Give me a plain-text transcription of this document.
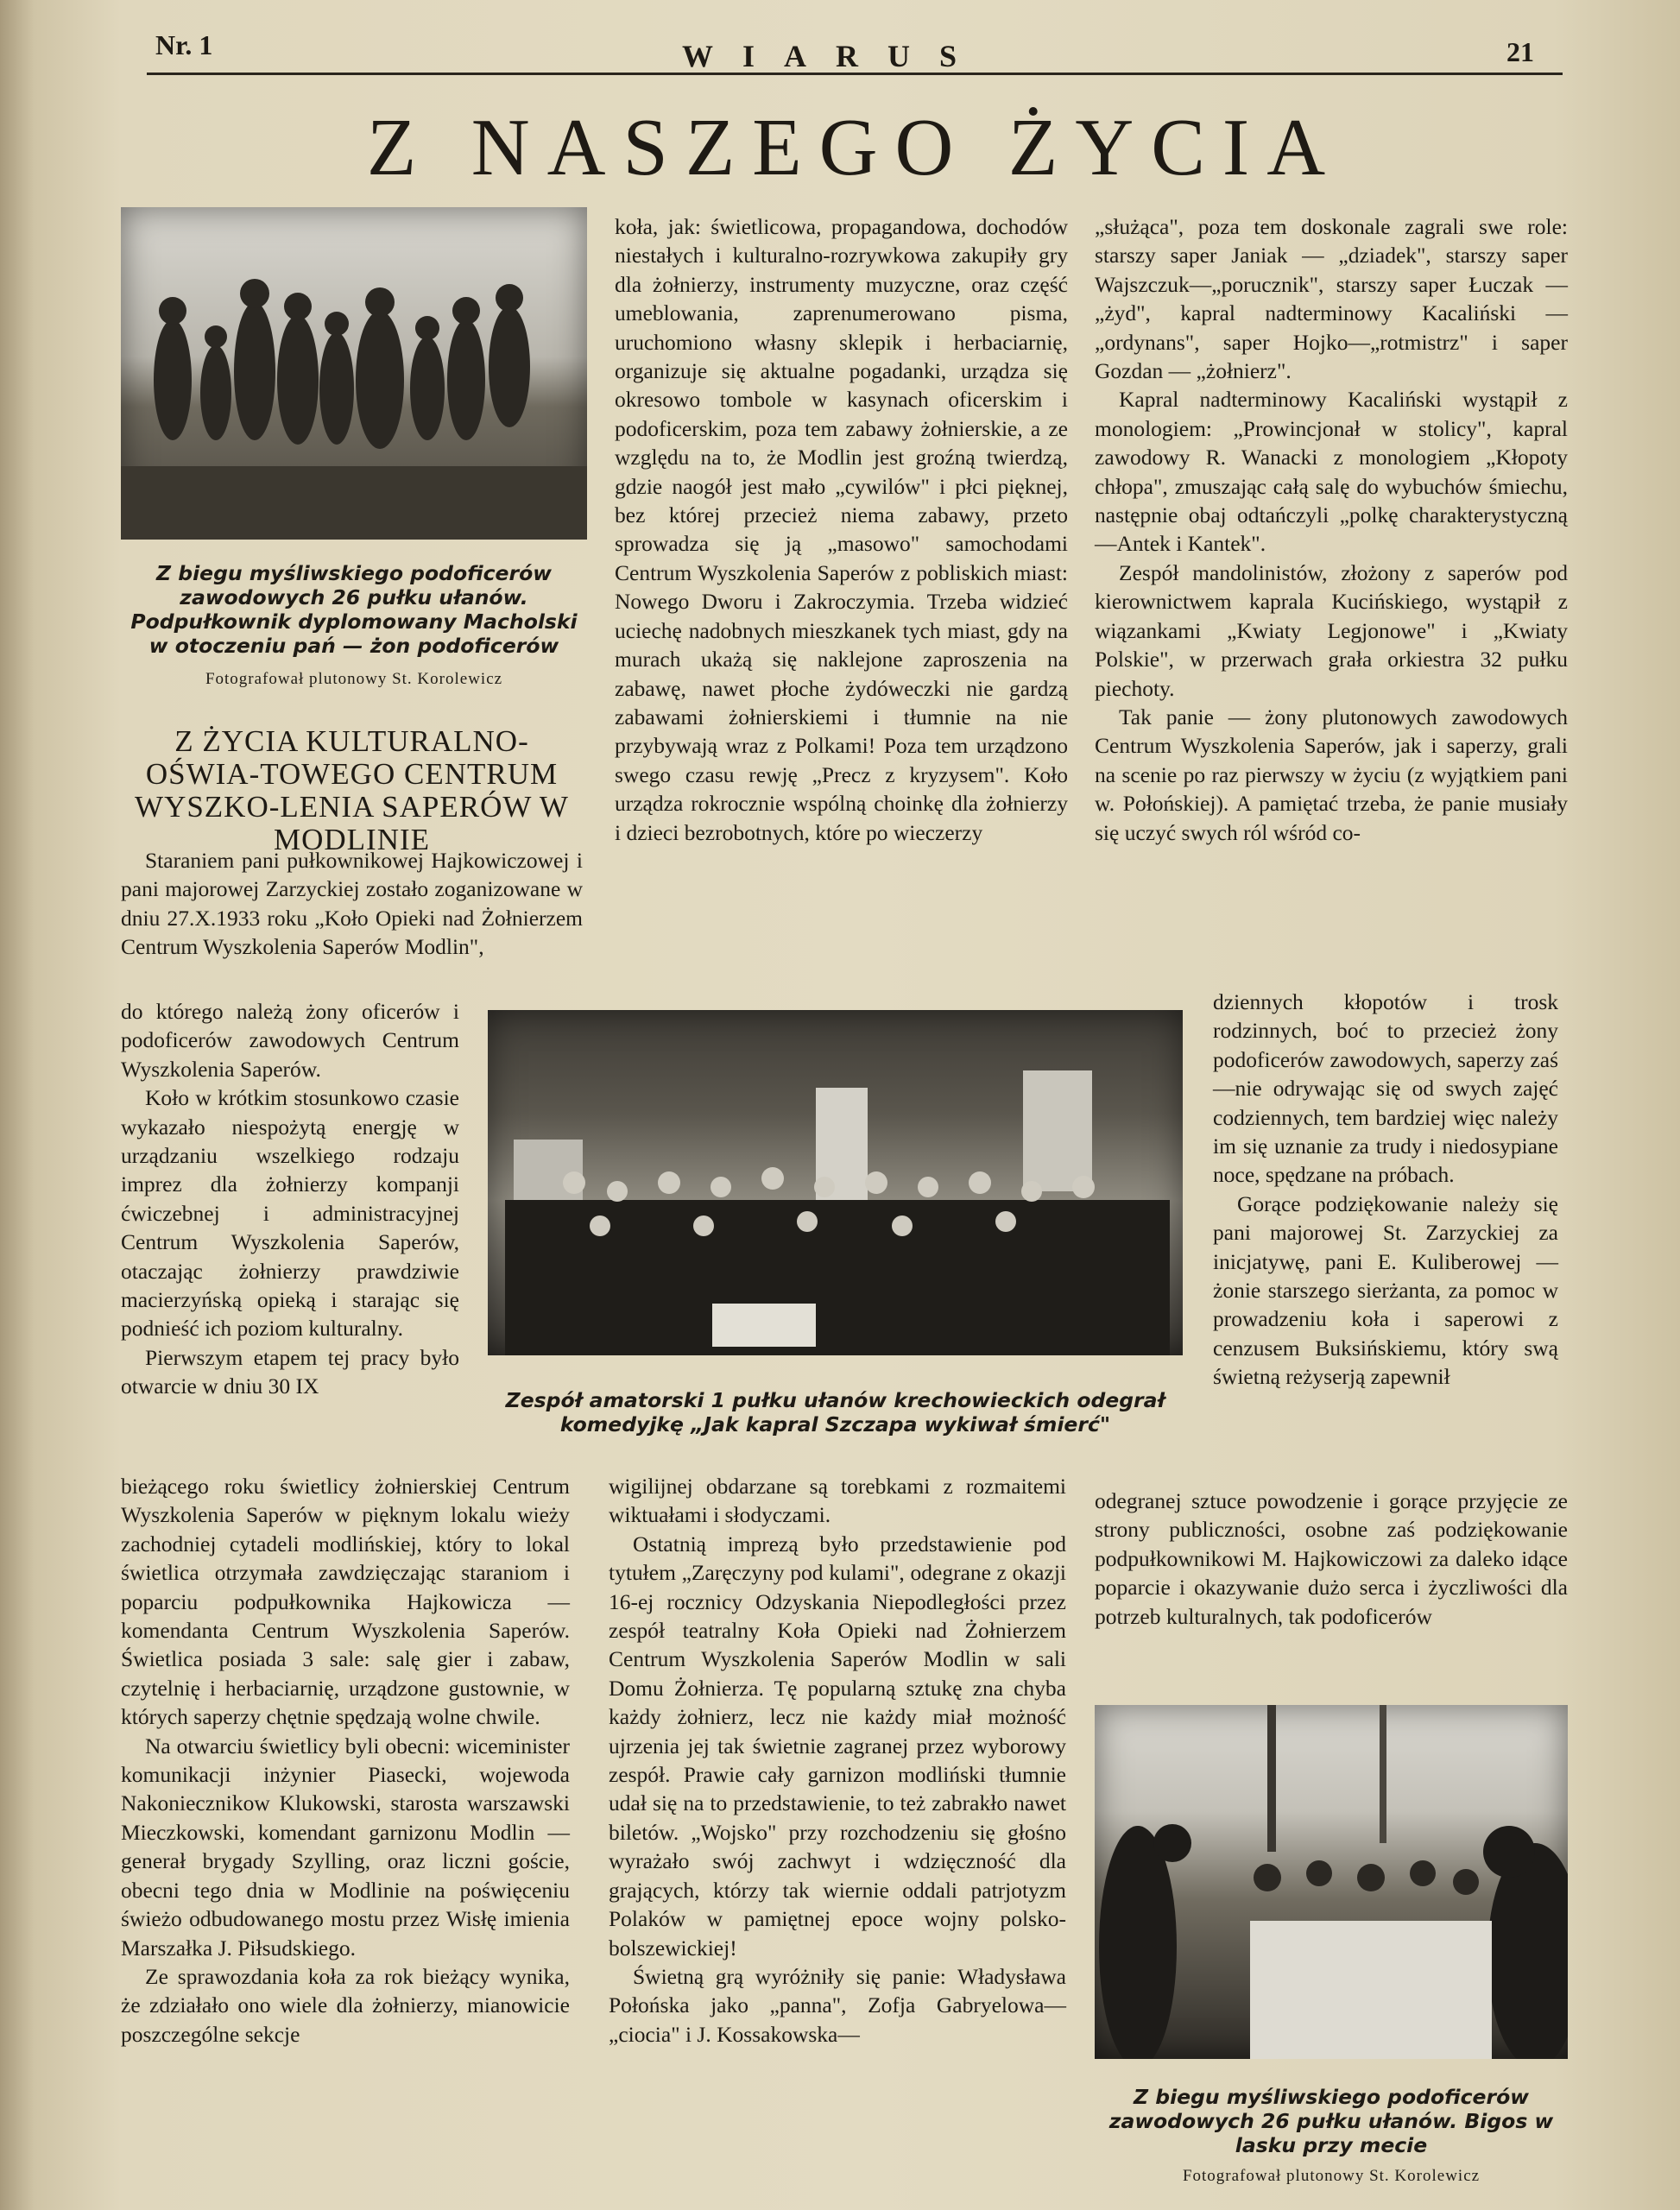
Nr. 1	WIARUS	21
Z NASZEGO ŻYCIA
Z biegu myśliwskiego podoficerów zawodowych 26 pułku ułanów. Podpułkownik dyplomowany Macholski w otoczeniu pań — żon podoficerów
Fotografował plutonowy St. Korolewicz
Z ŻYCIA KULTURALNO-OŚWIA-TOWEGO CENTRUM WYSZKO-LENIA SAPERÓW W MODLINIE

Staraniem pani pułkownikowej Hajkowiczowej i pani majorowej Zarzyckiej zostało zoganizowane w dniu 27.X.1933 roku „Koło Opieki nad Żołnierzem Centrum Wyszkolenia Saperów Modlin",

do którego należą żony oficerów i podoficerów zawodowych Centrum Wyszkolenia Saperów.

Koło w krótkim stosunkowo czasie wykazało niespożytą energję w urządzaniu wszelkiego rodzaju imprez dla żołnierzy kompanji ćwiczebnej i administracyjnej Centrum Wyszkolenia Saperów, otaczając żołnierzy prawdziwie macierzyńską opieką i starając się podnieść ich poziom kulturalny.

Pierwszym etapem tej pracy było otwarcie w dniu 30 IX

bieżącego roku świetlicy żołnierskiej Centrum Wyszkolenia Saperów w pięknym lokalu wieży zachodniej cytadeli modlińskiej, który to lokal świetlica otrzymała zawdzięczając staraniom i poparciu podpułkownika Hajkowicza — komendanta Centrum Wyszkolenia Saperów. Świetlica posiada 3 sale: salę gier i zabaw, czytelnię i herbaciarnię, urządzone gustownie, w których saperzy chętnie spędzają wolne chwile.

Na otwarciu świetlicy byli obecni: wiceminister komunikacji inżynier Piasecki, wojewoda Nakoniecznikow Klukowski, starosta warszawski Mieczkowski, komendant garnizonu Modlin — generał brygady Szylling, oraz liczni goście, obecni tego dnia w Modlinie na poświęceniu świeżo odbudowanego mostu przez Wisłę imienia Marszałka J. Piłsudskiego.

Ze sprawozdania koła za rok bieżący wynika, że zdziałało ono wiele dla żołnierzy, mianowicie poszczególne sekcje

koła, jak: świetlicowa, propagandowa, dochodów niestałych i kulturalno-rozrywkowa zakupiły gry dla żołnierzy, instrumenty muzyczne, oraz część umeblowania, zaprenumerowano pisma, uruchomiono własny sklepik i herbaciarnię, organizuje się aktualne pogadanki, urządza się okresowo tombole w kasynach oficerskim i podoficerskim, poza tem zabawy żołnierskie, a ze względu na to, że Modlin jest groźną twierdzą, gdzie naogół jest mało „cywilów" i płci pięknej, bez której przecież niema zabawy, przeto sprowadza się ją „masowo" samochodami Centrum Wyszkolenia Saperów z pobliskich miast: Nowego Dworu i Zakroczymia. Trzeba widzieć uciechę nadobnych mieszkanek tych miast, gdy na murach ukażą się naklejone zaproszenia na zabawę, nawet płoche żydóweczki nie gardzą zabawami żołnierskiemi i tłumnie na nie przybywają wraz z Polkami! Poza tem urządzono swego czasu rewję „Precz z kryzysem". Koło urządza rokrocznie wspólną choinkę dla żołnierzy i dzieci bezrobotnych, które po wieczerzy

Zespół amatorski 1 pułku ułanów krechowieckich odegrał komedyjkę „Jak kapral Szczapa wykiwał śmierć"

wigilijnej obdarzane są torebkami z rozmaitemi wiktuałami i słodyczami.

Ostatnią imprezą było przedstawienie pod tytułem „Zaręczyny pod kulami", odegrane z okazji 16-ej rocznicy Odzyskania Niepodległości przez zespół teatralny Koła Opieki nad Żołnierzem Centrum Wyszkolenia Saperów Modlin w sali Domu Żołnierza. Tę popularną sztukę zna chyba każdy żołnierz, lecz nie każdy miał możność ujrzenia jej tak świetnie zagranej przez wyborowy zespół. Prawie cały garnizon modliński tłumnie udał się na to przedstawienie, to też zabrakło nawet biletów. „Wojsko" przy rozchodzeniu się głośno wyrażało swój zachwyt i wdzięczność dla grających, którzy tak wiernie oddali patrjotyzm Polaków w pamiętnej epoce wojny polsko-bolszewickiej!

Świetną grą wyróżniły się panie: Władysława Połońska jako „panna", Zofja Gabryelowa—„ciocia" i J. Kossakowska—

„służąca", poza tem doskonale zagrali swe role: starszy saper Janiak — „dziadek", starszy saper Wajszczuk—„porucznik", starszy saper Łuczak — „żyd", kapral nadterminowy Kacaliński — „ordynans", saper Hojko—„rotmistrz" i saper Gozdan — „żołnierz".

Kapral nadterminowy Kacaliński wystąpił z monologiem: „Prowincjonał w stolicy", kapral zawodowy R. Wanacki z monologiem „Kłopoty chłopa", zmuszając całą salę do wybuchów śmiechu, następnie obaj odtańczyli „polkę charakterystyczną—Antek i Kantek".

Zespół mandolinistów, złożony z saperów pod kierownictwem kaprala Kucińskiego, wystąpił z wiązankami „Kwiaty Legjonowe" i „Kwiaty Polskie", w przerwach grała orkiestra 32 pułku piechoty.

Tak panie — żony plutonowych zawodowych Centrum Wyszkolenia Saperów, jak i saperzy, grali na scenie po raz pierwszy w życiu (z wyjątkiem pani w. Połońskiej). A pamiętać trzeba, że panie musiały się uczyć swych ról wśród co-

dziennych kłopotów i trosk rodzinnych, boć to przecież żony podoficerów zawodowych, saperzy zaś—nie odrywając się od swych zajęć codziennych, tem bardziej więc należy im się uznanie za trudy i niedosypiane noce, spędzane na próbach.

Gorące podziękowanie należy się pani majorowej St. Zarzyckiej za inicjatywę, pani E. Kuliberowej — żonie starszego sierżanta, za pomoc w prowadzeniu koła i saperowi z cenzusem Buksińskiemu, który swą świetną reżyserją zapewnił

odegranej sztuce powodzenie i gorące przyjęcie ze strony publiczności, osobne zaś podziękowanie podpułkownikowi M. Hajkowiczowi za daleko idące poparcie i okazywanie dużo serca i życzliwości dla potrzeb kulturalnych, tak podoficerów

Z biegu myśliwskiego podoficerów zawodowych 26 pułku ułanów. Bigos w lasku przy mecie
Fotografował plutonowy St. Korolewicz
